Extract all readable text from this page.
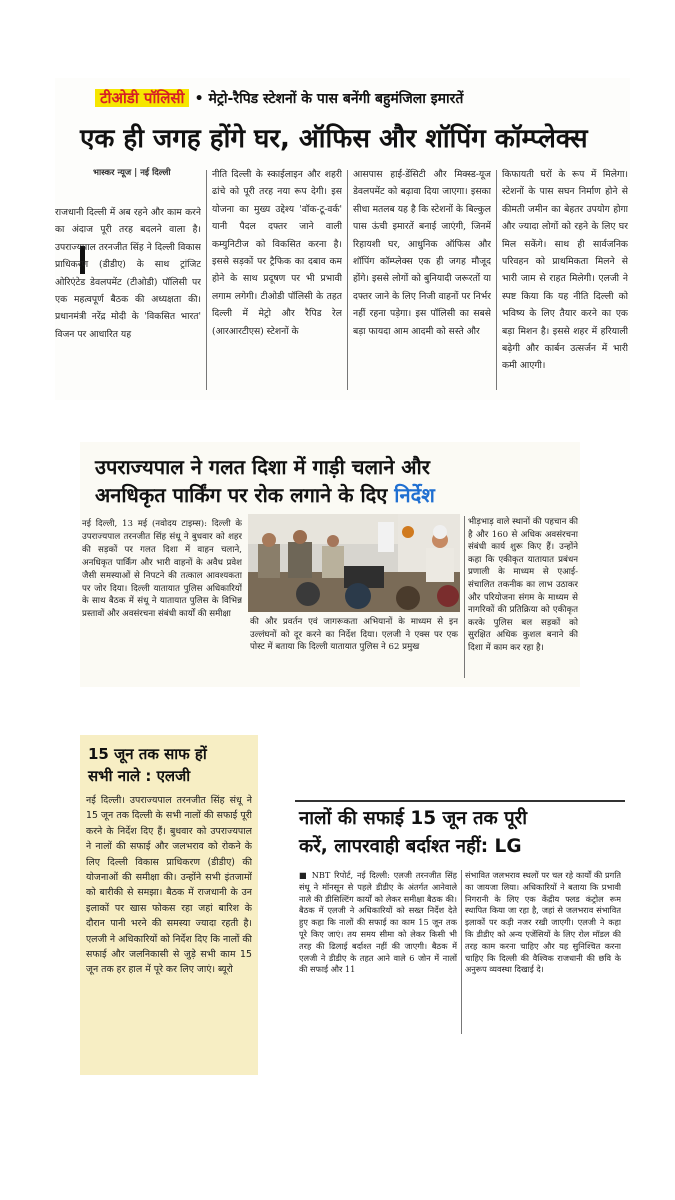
टीओडी पॉलिसी • मेट्रो-रैपिड स्टेशनों के पास बनेंगी बहुमंजिला इमारतें
एक ही जगह होंगे घर, ऑफिस और शॉपिंग कॉम्प्लेक्स
भास्कर न्यूज | नई दिल्ली
राजधानी दिल्ली में अब रहने और काम करने का अंदाज पूरी तरह बदलने वाला है। उपराज्यपाल तरनजीत सिंह ने दिल्ली विकास प्राधिकरण (डीडीए) के साथ ट्रांजिट ओरिएंटेड डेवलपमेंट (टीओडी) पॉलिसी पर एक महत्वपूर्ण बैठक की अध्यक्षता की। प्रधानमंत्री नरेंद्र मोदी के 'विकसित भारत' विजन पर आधारित यह
नीति दिल्ली के स्काईलाइन और शहरी ढांचे को पूरी तरह नया रूप देगी। इस योजना का मुख्य उद्देश्य 'वॉक-टू-वर्क' यानी पैदल दफ्तर जाने वाली कम्युनिटीज को विकसित करना है। इससे सड़कों पर ट्रैफिक का दबाव कम होने के साथ प्रदूषण पर भी प्रभावी लगाम लगेगी। टीओडी पॉलिसी के तहत दिल्ली में मेट्रो और रैपिड रेल (आरआरटीएस) स्टेशनों के
आसपास हाई-डेंसिटी और मिक्स्ड-यूज डेवलपमेंट को बढ़ावा दिया जाएगा। इसका सीधा मतलब यह है कि स्टेशनों के बिल्कुल पास ऊंची इमारतें बनाई जाएंगी, जिनमें रिहायशी घर, आधुनिक ऑफिस और शॉपिंग कॉम्प्लेक्स एक ही जगह मौजूद होंगे। इससे लोगों को बुनियादी जरूरतों या दफ्तर जाने के लिए निजी वाहनों पर निर्भर नहीं रहना पड़ेगा। इस पॉलिसी का सबसे बड़ा फायदा आम आदमी को सस्ते और
किफायती घरों के रूप में मिलेगा। स्टेशनों के पास सघन निर्माण होने से कीमती जमीन का बेहतर उपयोग होगा और ज्यादा लोगों को रहने के लिए घर मिल सकेंगे। साथ ही सार्वजनिक परिवहन को प्राथमिकता मिलने से भारी जाम से राहत मिलेगी। एलजी ने स्पष्ट किया कि यह नीति दिल्ली को भविष्य के लिए तैयार करने का एक बड़ा मिशन है। इससे शहर में हरियाली बढ़ेगी और कार्बन उत्सर्जन में भारी कमी आएगी।
उपराज्यपाल ने गलत दिशा में गाड़ी चलाने और
अनधिकृत पार्किंग पर रोक लगाने के दिए निर्देश
नई दिल्ली, 13 मई (नवोदय टाइम्स): दिल्ली के उपराज्यपाल तरनजीत सिंह संधू ने बुधवार को शहर की सड़कों पर गलत दिशा में वाहन चलाने, अनधिकृत पार्किंग और भारी वाहनों के अवैध प्रवेश जैसी समस्याओं से निपटने की तत्काल आवश्यकता पर जोर दिया। दिल्ली यातायात पुलिस अधिकारियों के साथ बैठक में संधू ने यातायात पुलिस के विभिन्न प्रस्तावों और अवसंरचना संबंधी कार्यों की समीक्षा
की और प्रवर्तन एवं जागरूकता अभियानों के माध्यम से इन उल्लंघनों को दूर करने का निर्देश दिया। एलजी ने एक्स पर एक पोस्ट में बताया कि दिल्ली यातायात पुलिस ने 62 प्रमुख
भीड़भाड़ वाले स्थानों की पहचान की है और 160 से अधिक अवसंरचना संबंधी कार्य शुरू किए हैं। उन्होंने कहा कि एकीकृत यातायात प्रबंधन प्रणाली के माध्यम से एआई-संचालित तकनीक का लाभ उठाकर और परियोजना संगम के माध्यम से नागरिकों की प्रतिक्रिया को एकीकृत करके पुलिस बल सड़कों को सुरक्षित अधिक कुशल बनाने की दिशा में काम कर रहा है।
15 जून तक साफ हों
सभी नाले : एलजी
नई दिल्ली। उपराज्यपाल तरनजीत सिंह संधू ने 15 जून तक दिल्ली के सभी नालों की सफाई पूरी करने के निर्देश दिए हैं। बुधवार को उपराज्यपाल ने नालों की सफाई और जलभराव को रोकने के लिए दिल्ली विकास प्राधिकरण (डीडीए) की योजनाओं की समीक्षा की। उन्होंने सभी इंतजामों को बारीकी से समझा। बैठक में राजधानी के उन इलाकों पर खास फोकस रहा जहां बारिश के दौरान पानी भरने की समस्या ज्यादा रहती है। एलजी ने अधिकारियों को निर्देश दिए कि नालों की सफाई और जलनिकासी से जुड़े सभी काम 15 जून तक हर हाल में पूरे कर लिए जाएं। ब्यूरो
नालों की सफाई 15 जून तक पूरी
करें, लापरवाही बर्दाश्त नहीं: LG
■ NBT रिपोर्ट, नई दिल्ली: एलजी तरनजीत सिंह संधू ने मॉनसून से पहले डीडीए के अंतर्गत आनेवाले नाले की डीसिल्टिंग कार्यों को लेकर समीक्षा बैठक की। बैठक में एलजी ने अधिकारियों को सख्त निर्देश देते हुए कहा कि नालों की सफाई का काम 15 जून तक पूरे किए जाएं। तय समय सीमा को लेकर किसी भी तरह की ढिलाई बर्दाश्त नहीं की जाएगी। बैठक में एलजी ने डीडीए के तहत आने वाले 6 जोन में नालों की सफाई और 11
संभावित जलभराव स्थलों पर चल रहे कार्यों की प्रगति का जायजा लिया। अधिकारियों ने बताया कि प्रभावी निगरानी के लिए एक केंद्रीय फ्लड कंट्रोल रूम स्थापित किया जा रहा है, जहां से जलभराव संभावित इलाकों पर कड़ी नजर रखी जाएगी। एलजी ने कहा कि डीडीए को अन्य एजेंसियों के लिए रोल मॉडल की तरह काम करना चाहिए और यह सुनिश्चित करना चाहिए कि दिल्ली की वैश्विक राजधानी की छवि के अनुरूप व्यवस्था दिखाई दे।
